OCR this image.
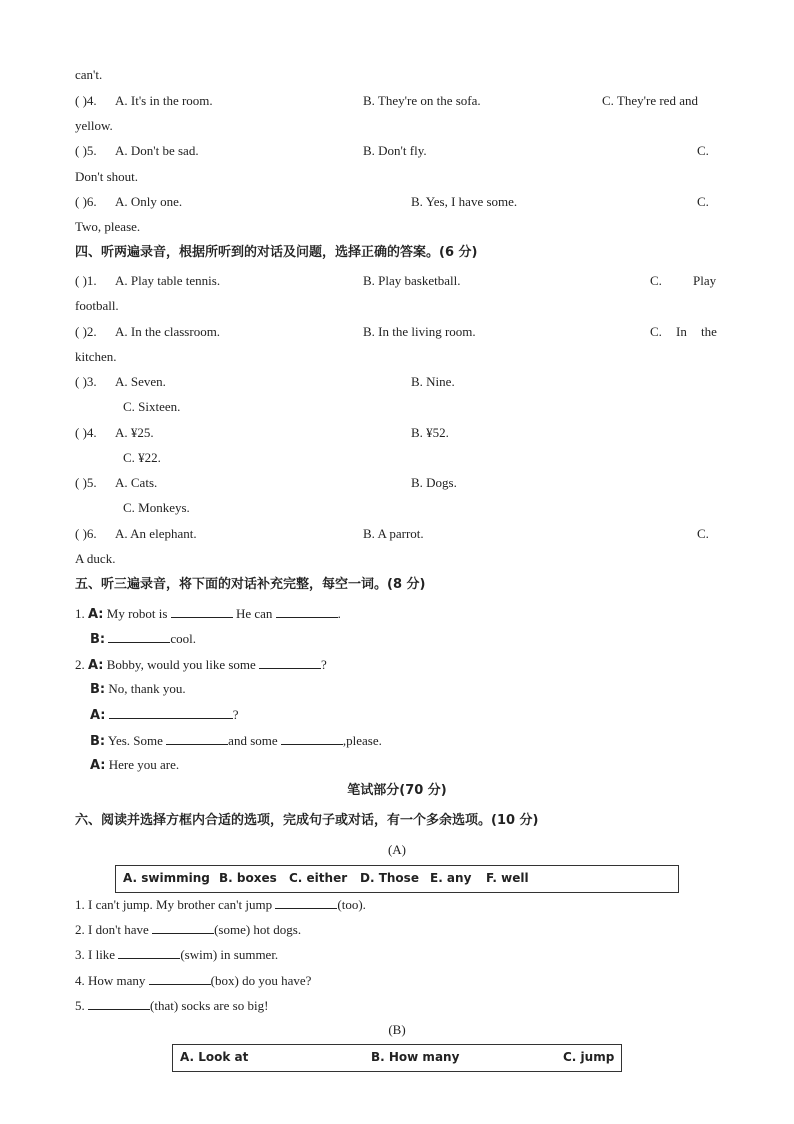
can't.
( )4. A. It's in the room.	B. They're on the sofa.	C. They're red and
yellow.
( )5. A. Don't be sad.	B. Don't fly.	C.
Don't shout.
( )6. A. Only one.	B. Yes, I have some.	C.
Two, please.
四、听两遍录音，根据所听到的对话及问题，选择正确的答案。(6 分)
( )1. A. Play table tennis.	B. Play basketball.	C. Play
football.
( )2. A. In the classroom.	B. In the living room.	C. In the
kitchen.
( )3. A. Seven.	B. Nine.
C. Sixteen.
( )4. A. ¥25.	B. ¥52.
C. ¥22.
( )5. A. Cats.	B. Dogs.
C. Monkeys.
( )6. A. An elephant.	B. A parrot.	C.
A duck.
五、听三遍录音，将下面的对话补充完整，每空一词。(8 分)
1. A: My robot is	He can	.
B:	cool.
2. A: Bobby, would you like some	?
B: No, thank you.
A:	?
B: Yes. Some	and some	,please.
A: Here you are.
笔试部分(70 分)
六、阅读并选择方框内合适的选项，完成句子或对话，有一个多余选项。(10 分)
(A)
A. swimming B. boxes C. either D. Those E. any F. well
1. I can't jump. My brother can't jump	(too).
2. I don't have	(some) hot dogs.
3. I like	(swim) in summer.
4. How many	(box) do you have?
5.	(that) socks are so big!
(B)
A. Look at	B. How many	C. jump
